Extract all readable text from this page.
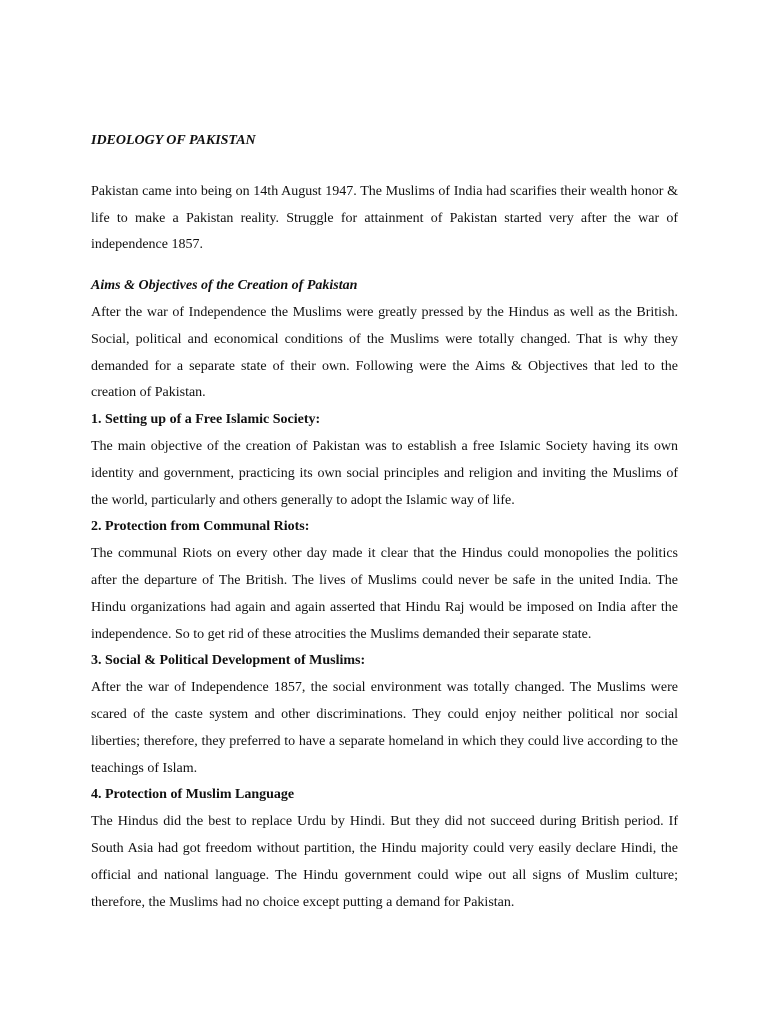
IDEOLOGY OF PAKISTAN

Pakistan came into being on 14th August 1947. The Muslims of India had scarifies their wealth honor & life to make a Pakistan reality. Struggle for attainment of Pakistan started very after the war of independence 1857.

Aims & Objectives of the Creation of Pakistan

After the war of Independence the Muslims were greatly pressed by the Hindus as well as the British. Social, political and economical conditions of the Muslims were totally changed. That is why they demanded for a separate state of their own. Following were the Aims & Objectives that led to the creation of Pakistan.

1. Setting up of a Free Islamic Society:

The main objective of the creation of Pakistan was to establish a free Islamic Society having its own identity and government, practicing its own social principles and religion and inviting the Muslims of the world, particularly and others generally to adopt the Islamic way of life.

2. Protection from Communal Riots:

The communal Riots on every other day made it clear that the Hindus could monopolies the politics after the departure of The British. The lives of Muslims could never be safe in the united India. The Hindu organizations had again and again asserted that Hindu Raj would be imposed on India after the independence. So to get rid of these atrocities the Muslims demanded their separate state.

3. Social & Political Development of Muslims:

After the war of Independence 1857, the social environment was totally changed. The Muslims were scared of the caste system and other discriminations. They could enjoy neither political nor social liberties; therefore, they preferred to have a separate homeland in which they could live according to the teachings of Islam.

4. Protection of Muslim Language

The Hindus did the best to replace Urdu by Hindi. But they did not succeed during British period. If South Asia had got freedom without partition, the Hindu majority could very easily declare Hindi, the official and national language. The Hindu government could wipe out all signs of Muslim culture; therefore, the Muslims had no choice except putting a demand for Pakistan.
